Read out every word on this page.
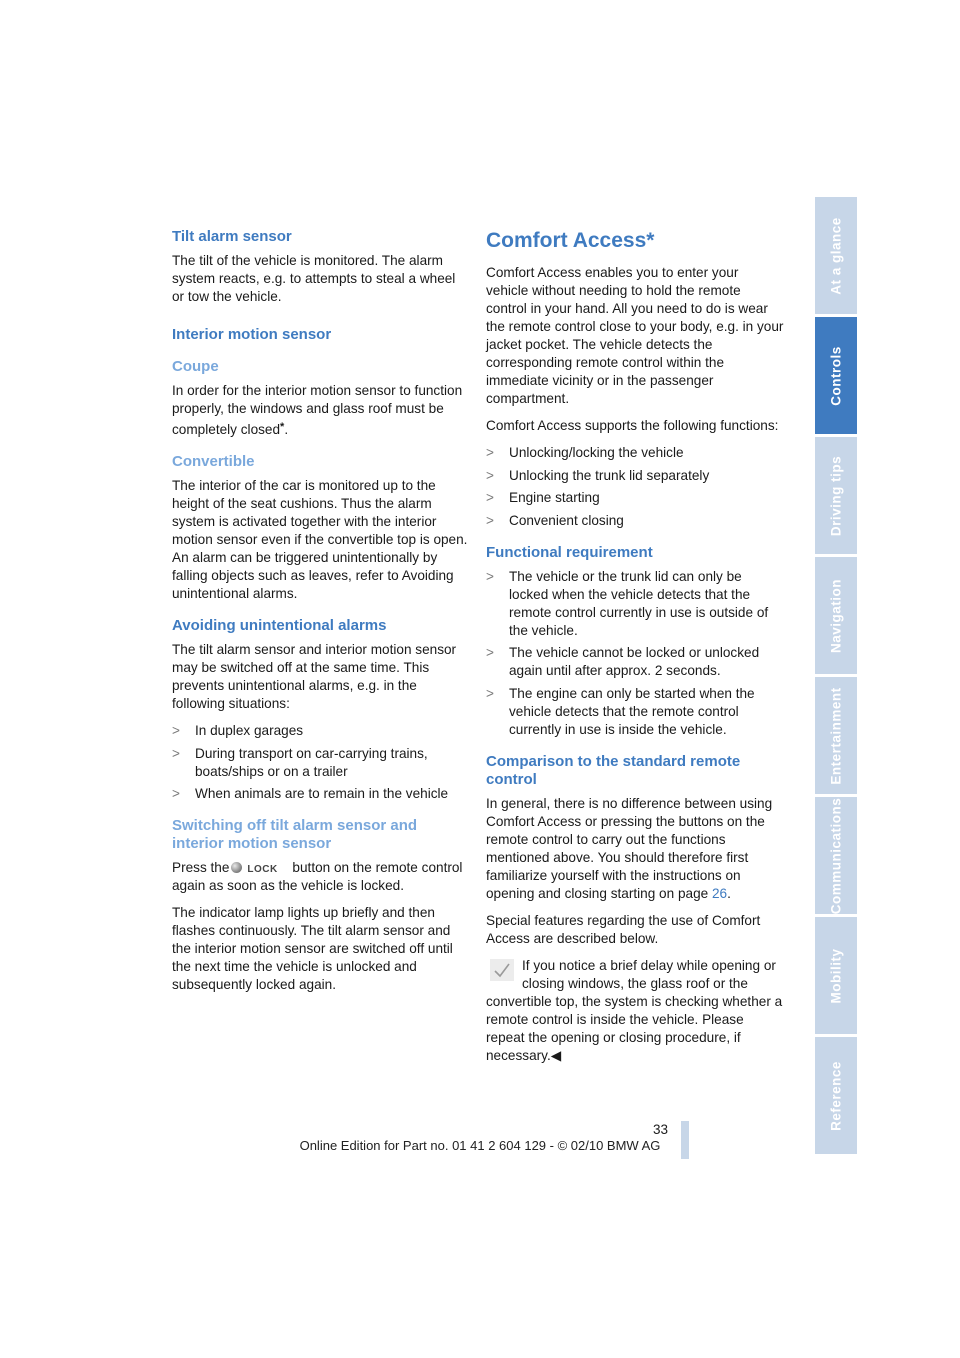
Tilt alarm sensor

The tilt of the vehicle is monitored. The alarm system reacts, e.g. to attempts to steal a wheel or tow the vehicle.

Interior motion sensor
Coupe

In order for the interior motion sensor to function properly, the windows and glass roof must be completely closed*.

Convertible

The interior of the car is monitored up to the height of the seat cushions. Thus the alarm system is activated together with the interior motion sensor even if the convertible top is open. An alarm can be triggered unintentionally by falling objects such as leaves, refer to Avoiding unintentional alarms.

Avoiding unintentional alarms

The tilt alarm sensor and interior motion sensor may be switched off at the same time. This prevents unintentional alarms, e.g. in the following situations:

> In duplex garages
> During transport on car-carrying trains, boats/ships or on a trailer
> When animals are to remain in the vehicle
Switching off tilt alarm sensor and interior motion sensor

Press the LOCK button on the remote control again as soon as the vehicle is locked.

The indicator lamp lights up briefly and then flashes continuously. The tilt alarm sensor and the interior motion sensor are switched off until the next time the vehicle is unlocked and subsequently locked again.

Comfort Access*

Comfort Access enables you to enter your vehicle without needing to hold the remote control in your hand. All you need to do is wear the remote control close to your body, e.g. in your jacket pocket. The vehicle detects the corresponding remote control within the immediate vicinity or in the passenger compartment.

Comfort Access supports the following functions:

> Unlocking/locking the vehicle
> Unlocking the trunk lid separately
> Engine starting
> Convenient closing
Functional requirement
> The vehicle or the trunk lid can only be locked when the vehicle detects that the remote control currently in use is outside of the vehicle.
> The vehicle cannot be locked or unlocked again until after approx. 2 seconds.
> The engine can only be started when the vehicle detects that the remote control currently in use is inside the vehicle.
Comparison to the standard remote control

In general, there is no difference between using Comfort Access or pressing the buttons on the remote control to carry out the functions mentioned above. You should therefore first familiarize yourself with the instructions on opening and closing starting on page 26.

Special features regarding the use of Comfort Access are described below.

If you notice a brief delay while opening or closing windows, the glass roof or the convertible top, the system is checking whether a remote control is inside the vehicle. Please repeat the opening or closing procedure, if necessary.◀

At a glance
Controls
Driving tips
Navigation
Entertainment
Communications
Mobility
Reference
33
Online Edition for Part no. 01 41 2 604 129 - © 02/10 BMW AG
